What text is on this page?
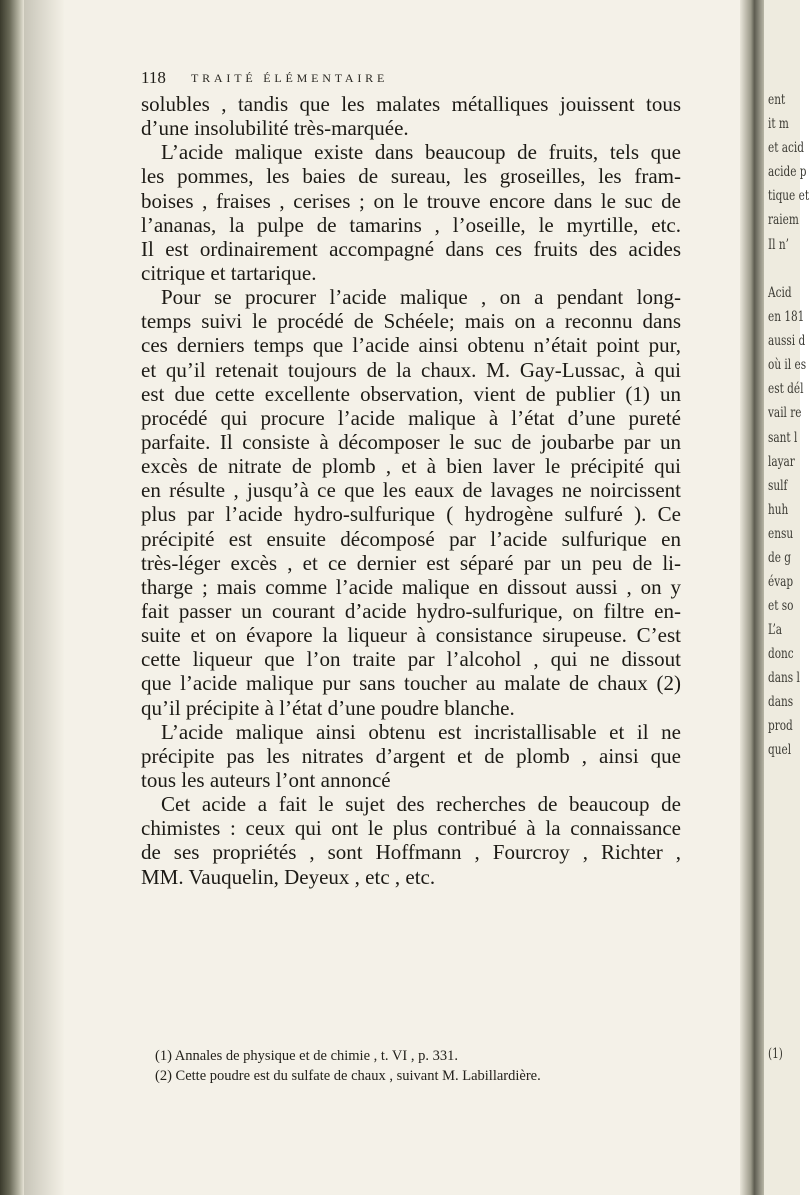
118 TRAITÉ ÉLÉMENTAIRE
solubles , tandis que les malates métalliques jouissent tous
d’une insolubilité très-marquée.
L’acide malique existe dans beaucoup de fruits, tels que
les pommes, les baies de sureau, les groseilles, les fram-
boises , fraises , cerises ; on le trouve encore dans le suc de
l’ananas, la pulpe de tamarins , l’oseille, le myrtille, etc.
Il est ordinairement accompagné dans ces fruits des acides
citrique et tartarique.
Pour se procurer l’acide malique , on a pendant long-
temps suivi le procédé de Schéele; mais on a reconnu dans
ces derniers temps que l’acide ainsi obtenu n’était point pur,
et qu’il retenait toujours de la chaux. M. Gay-Lussac, à qui
est due cette excellente observation, vient de publier (1) un
procédé qui procure l’acide malique à l’état d’une pureté
parfaite. Il consiste à décomposer le suc de joubarbe par un
excès de nitrate de plomb , et à bien laver le précipité qui
en résulte , jusqu’à ce que les eaux de lavages ne noircissent
plus par l’acide hydro-sulfurique ( hydrogène sulfuré ). Ce
précipité est ensuite décomposé par l’acide sulfurique en
très-léger excès , et ce dernier est séparé par un peu de li-
tharge ; mais comme l’acide malique en dissout aussi , on y
fait passer un courant d’acide hydro-sulfurique, on filtre en-
suite et on évapore la liqueur à consistance sirupeuse. C’est
cette liqueur que l’on traite par l’alcohol , qui ne dissout
que l’acide malique pur sans toucher au malate de chaux (2)
qu’il précipite à l’état d’une poudre blanche.
L’acide malique ainsi obtenu est incristallisable et il ne
précipite pas les nitrates d’argent et de plomb , ainsi que
tous les auteurs l’ont annoncé
Cet acide a fait le sujet des recherches de beaucoup de
chimistes : ceux qui ont le plus contribué à la connaissance
de ses propriétés , sont Hoffmann , Fourcroy , Richter ,
MM. Vauquelin, Deyeux , etc , etc.
(1) Annales de physique et de chimie , t. VI , p. 331.
(2) Cette poudre est du sulfate de chaux , suivant M. Labillardière.
ent
it m
et acid
acide p
tique et
raiem
Il n’
Acid
en 181
aussi d
où il es
est dél
vail re
sant l
layar
sulf
huh
ensu
de g
évap
et so
L’a
donc
dans l
dans
prod
quel
(1)
